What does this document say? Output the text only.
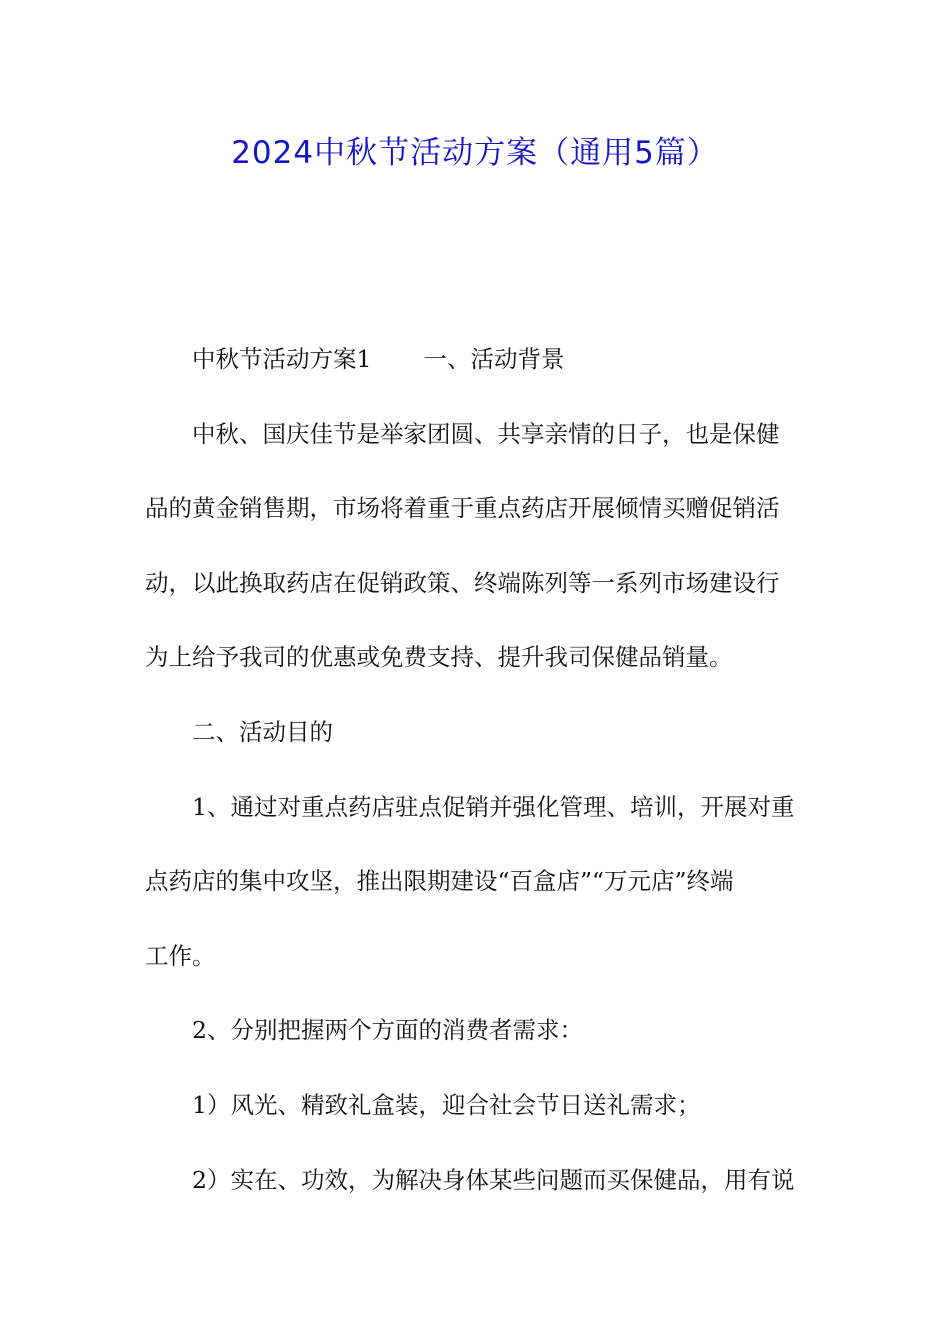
2024中秋节活动方案（通用5篇）
中秋节活动方案1 一、活动背景
中秋、国庆佳节是举家团圆、共享亲情的日子，也是保健
品的黄金销售期，市场将着重于重点药店开展倾情买赠促销活
动，以此换取药店在促销政策、终端陈列等一系列市场建设行
为上给予我司的优惠或免费支持、提升我司保健品销量。
二、活动目的
1、通过对重点药店驻点促销并强化管理、培训，开展对重
点药店的集中攻坚，推出限期建设“百盒店”“万元店”终端
工作。
2、分别把握两个方面的消费者需求：
1）风光、精致礼盒装，迎合社会节日送礼需求；
2）实在、功效，为解决身体某些问题而买保健品，用有说
